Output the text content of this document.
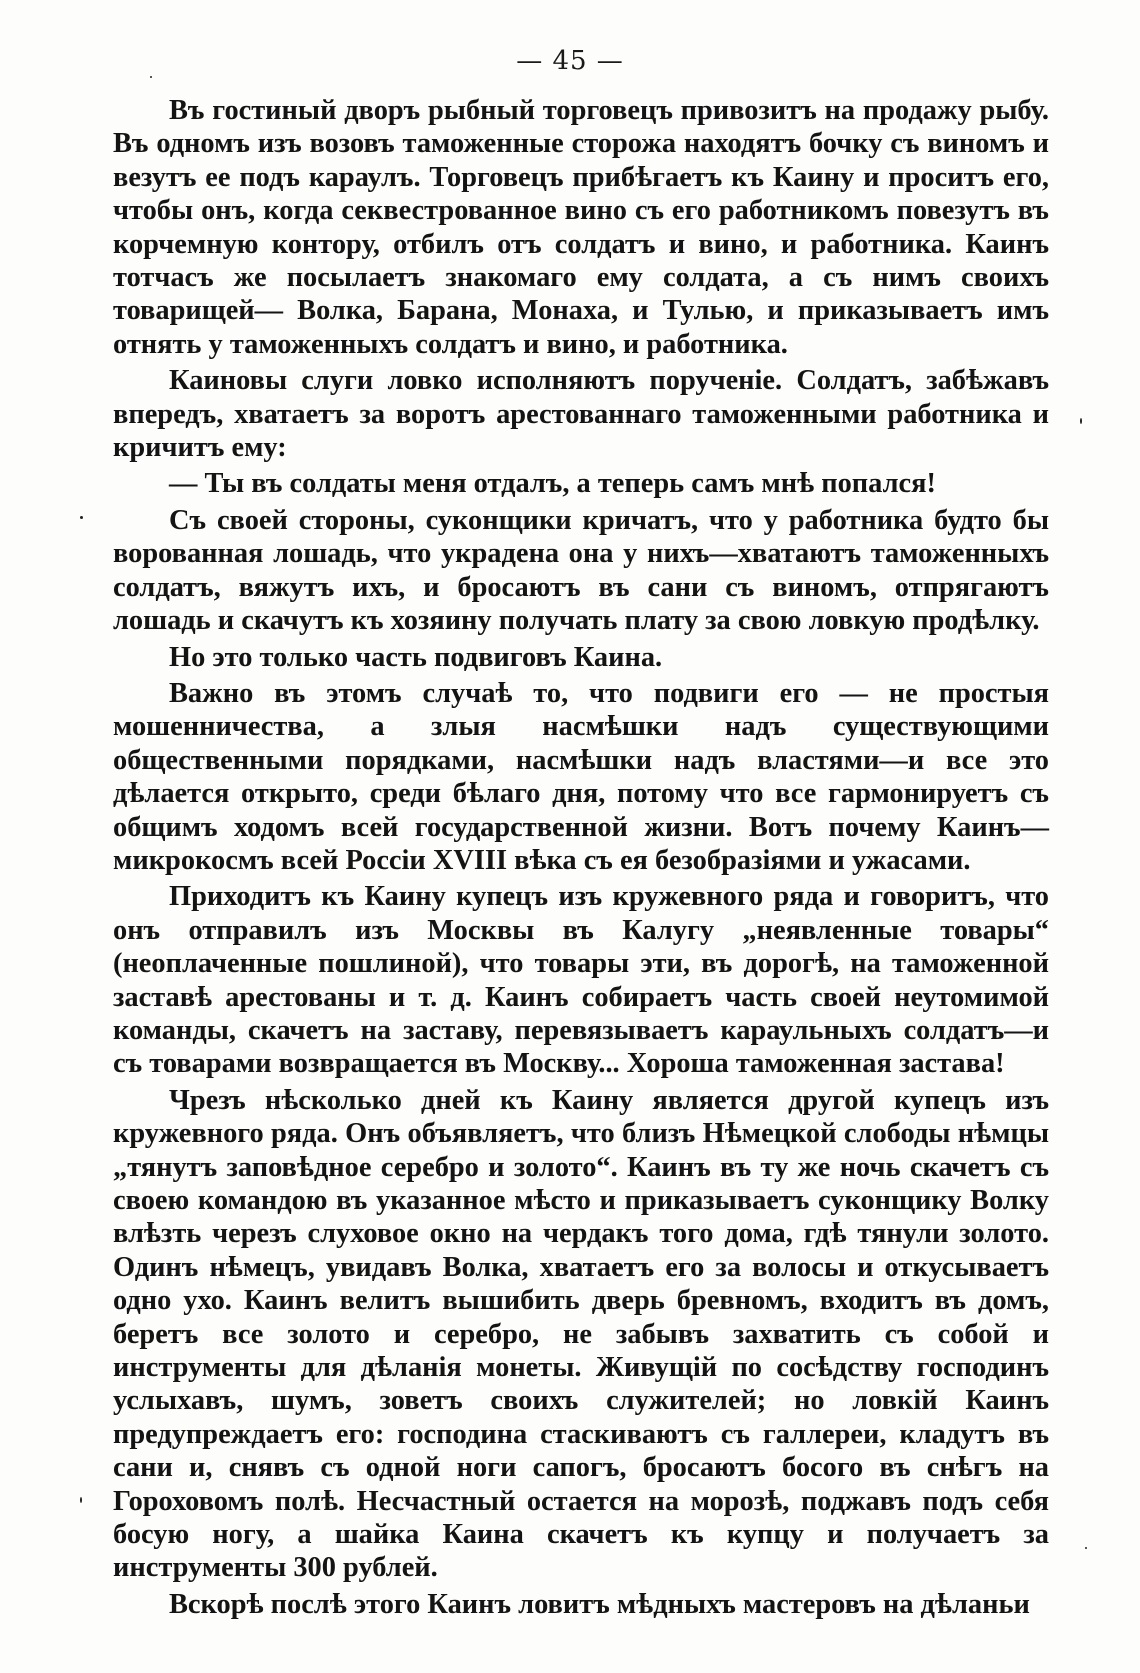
— 45 —

Въ гостиный дворъ рыбный торговецъ привозитъ на продажу рыбу. Въ одномъ изъ возовъ таможенные сторожа находятъ бочку съ виномъ и везутъ ее подъ караулъ. Торговецъ прибѣгаетъ къ Каину и проситъ его, чтобы онъ, когда секвестрованное вино съ его работникомъ повезутъ въ корчемную контору, отбилъ отъ солдатъ и вино, и работника. Каинъ тотчасъ же посылаетъ знакомаго ему солдата, а съ нимъ своихъ товарищей— Волка, Барана, Монаха, и Тулью, и приказываетъ имъ отнять у таможенныхъ солдатъ и вино, и работника.

Каиновы слуги ловко исполняютъ порученіе. Солдатъ, забѣжавъ впередъ, хватаетъ за воротъ арестованнаго таможенными работника и кричитъ ему:

— Ты въ солдаты меня отдалъ, а теперь самъ мнѣ попался!

Съ своей стороны, суконщики кричатъ, что у работника будто бы ворованная лошадь, что украдена она у нихъ—хватаютъ таможенныхъ солдатъ, вяжутъ ихъ, и бросаютъ въ сани съ виномъ, отпрягаютъ лошадь и скачутъ къ хозяину получать плату за свою ловкую продѣлку.

Но это только часть подвиговъ Каина.

Важно въ этомъ случаѣ то, что подвиги его — не простыя мошенничества, а злыя насмѣшки надъ существующими общественными порядками, насмѣшки надъ властями—и все это дѣлается открыто, среди бѣлаго дня, потому что все гармонируетъ съ общимъ ходомъ всей государственной жизни. Вотъ почему Каинъ—микрокосмъ всей Россіи XVIII вѣка съ ея безобразіями и ужасами.

Приходитъ къ Каину купецъ изъ кружевного ряда и говоритъ, что онъ отправилъ изъ Москвы въ Калугу „неявленные товары“ (неоплаченные пошлиной), что товары эти, въ дорогѣ, на таможенной заставѣ арестованы и т. д. Каинъ собираетъ часть своей неутомимой команды, скачетъ на заставу, перевязываетъ караульныхъ солдатъ—и съ товарами возвращается въ Москву... Хороша таможенная застава!

Чрезъ нѣсколько дней къ Каину является другой купецъ изъ кружевного ряда. Онъ объявляетъ, что близъ Нѣмецкой слободы нѣмцы „тянутъ заповѣдное серебро и золото“. Каинъ въ ту же ночь скачетъ съ своею командою въ указанное мѣсто и приказываетъ суконщику Волку влѣзть черезъ слуховое окно на чердакъ того дома, гдѣ тянули золото. Одинъ нѣмецъ, увидавъ Волка, хватаетъ его за волосы и откусываетъ одно ухо. Каинъ велитъ вышибить дверь бревномъ, входитъ въ домъ, беретъ все золото и серебро, не забывъ захватить съ собой и инструменты для дѣланія монеты. Живущій по сосѣдству господинъ услыхавъ, шумъ, зоветъ своихъ служителей; но ловкій Каинъ предупреждаетъ его: господина стаскиваютъ съ галлереи, кладутъ въ сани и, снявъ съ одной ноги сапогъ, бросаютъ босого въ снѣгъ на Гороховомъ полѣ. Несчастный остается на морозѣ, поджавъ подъ себя босую ногу, а шайка Каина скачетъ къ купцу и получаетъ за инструменты 300 рублей.

Вскорѣ послѣ этого Каинъ ловитъ мѣдныхъ мастеровъ на дѣланьи
